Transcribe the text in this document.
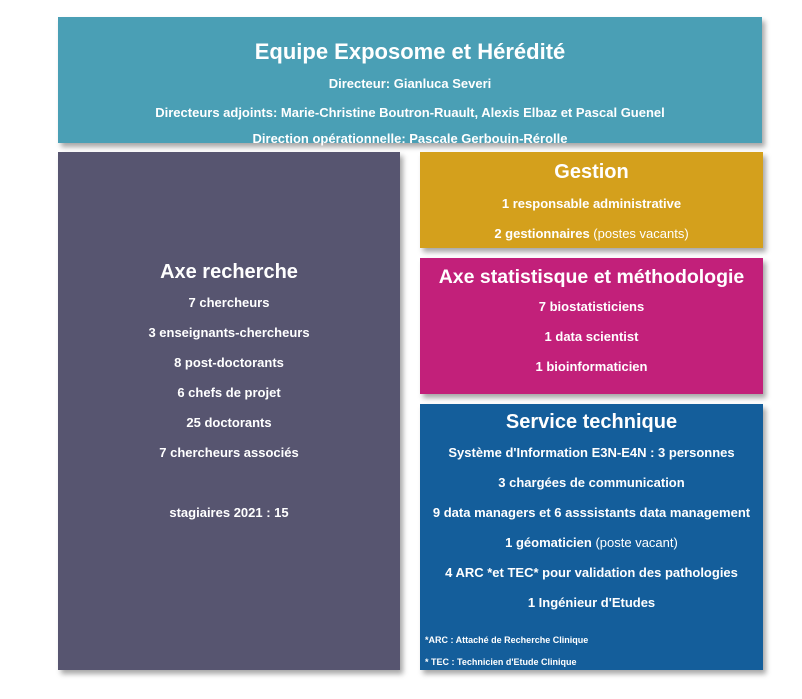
Equipe Exposome et Hérédité
Directeur: Gianluca Severi
Directeurs adjoints: Marie-Christine Boutron-Ruault, Alexis Elbaz et Pascal Guenel
Direction opérationnelle: Pascale Gerbouin-Rérolle
Axe recherche
7 chercheurs
3 enseignants-chercheurs
8 post-doctorants
6 chefs de projet
25 doctorants
7 chercheurs associés
stagiaires 2021 : 15
Gestion
1 responsable administrative
2 gestionnaires (postes vacants)
Axe statistisque et méthodologie
7 biostatisticiens
1 data scientist
1 bioinformaticien
Service technique
Système d'Information E3N-E4N : 3 personnes
3 chargées de communication
9 data managers et 6 asssistants data management
1 géomaticien (poste vacant)
4 ARC *et TEC* pour validation des pathologies
1 Ingénieur d'Etudes
*ARC : Attaché de Recherche Clinique
* TEC : Technicien d'Etude Clinique
